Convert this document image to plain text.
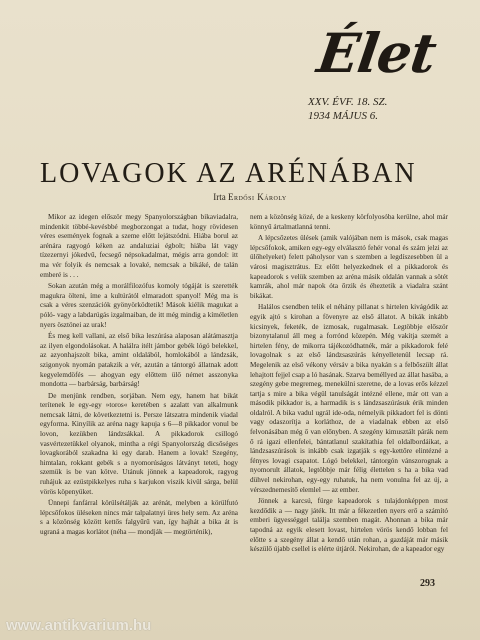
Élet
XXV. ÉVF. 18. SZ.
1934 MÁJUS 6.
LOVAGOK AZ ARÉNÁBAN
Irta Erdősi Károly

Mikor az idegen először megy Spanyolországban bikaviadalra, mindenkit többé-kevésbbé megborzongat a tudat, hogy rövidesen véres események fognak a szeme előtt lejátszódni. Hiába borul az arénára ragyogó kéken az andaluziai égbolt; hiába lát vagy tízezernyi jókedvű, fecsegő népsokadalmat, mégis arra gondol: itt ma vér folyik és nemcsak a lovaké, nemcsak a bikáké, de talán emberé is . . .

Sokan azután még a morálfilozófus komoly tógáját is szerették magukra ölteni, íme a kultúrától elmaradott spanyol! Még ma is csak a véres szenzációk gyönyörködtetik! Mások kiélik magukat a póló- vagy a labdarúgás izgalmaiban, de itt még mindig a kíméletlen nyers ösztönei az urak!

És meg kell vallani, az első bika leszúrása alaposan alátámasztja az ilyen elgondolásokat. A halálra itélt jámbor gebék lógó belekkel, az azyonhajszolt bika, amint oldalából, homlokából a lándzsák, szigonyok nyomán patakzik a vér, azután a tántorgó állatnak adott kegyelemdöfés — ahogyan egy előttem ülő német asszonyka mondotta — barbárság, barbárság!

De menjünk rendben, sorjában. Nem egy, hanem hat bikát terítenek le egy-egy »toros« keretében s azalatt van alkalmunk nemcsak látni, de következtetni is. Persze látszatra mindenik viadal egyforma. Kinyílik az aréna nagy kapuja s 6—8 pikkador vonul be lovon, kezükben lándzsákkal. A pikkadorok csillogó vasvértezetükkel olyanok, mintha a régi Spanyolország dicsőséges lovagkorából szakadna ki egy darab. Hanem a lovak! Szegény, himtalan, rokkant gebék s a nyomorúságos látványt teteti, hogy szemük is be van kötve. Utánuk jönnek a kapeadorok, ragyog ruhájuk az ezüstpikkelyes ruha s karjukon viszik kivül sárga, belül vörös köpenyüket.

Ünnepi fanfárral körülsétálják az arénát, melyben a körülfutó lépcsőfokos üléseken nincs már talpalatnyi üres hely sem. Az aréna s a közönség között kettős falgyűrű van, így hajhát a bika át is ugraná a magas korlátot (néha — mondják — megtörténik),

nem a közönség közé, de a keskeny körfolyosóba kerülne, ahol már könnyű ártalmatlanná tenni.

A lépcsőzetes ülések (amik valójában nem is mások, csak magas lépcsőfokok, amiken egy-egy elválasztó fehér vonal és szám jelzi az ülőhelyeket) felett páholysor van s szemben a legdíszesebben ül a városi magisztrátus. Ez előtt helyezkednek el a pikkadorok és kapeadorok s velük szemben az aréna másik oldalán vannak a sötét kamrák, ahol már napok óta őrzik és éheztetik a viadalra szánt bikákat.

Halálos csendben telik el néhány pillanat s hirtelen kivágódik az egyik ajtó s kirohan a fövenyre az első állatot. A bikák inkább kicsinyek, feketék, de izmosak, rugalmasak. Legtöbbje először bizonytalanul áll meg a forrónd közepén. Még vakítja szemét a hirtelen fény, de mikorra tájékozódhatnék, már a pikkadorok felé lovagolnak s az első lándzsaszúrás kényelletenül lecsap rá. Megelenik az első vékony vérsáv a bika nyakán s a felbőszült állat lehajtott fejjel csap a ló hasának. Szarva beméllyed az állat hasába, a szegény gebe megremeg, menekülni szeretne, de a lovas erős kézzel tartja s mire a bika végül tanulságát intézné ellene, már ott van a második pikkador is, a harmadik is s lándzsaszúrásuk érik minden oldalról. A bika vadul ugrál ide-oda, némelyik pikkadort fel is dönti vagy odaszorítja a korláthoz, de a viadalnak ebben az első felvonásában még ő van előnyben. A szegény kimusztált párák nem ő rá igazi ellenfelei, bántatlanul szakítathia fel oldalbordáikat, a lándzsaszúrások is inkább csak izgatják s egy-kettőre elintézné a fényes lovagi csapatot. Lógó belekkel, tántorgón vánszorognak a nyomorult állatok, legtöbbje már félig élettelen s ha a bika vad dühvel nekirohan, egy-egy ruhatuk, ha nem vonulna fel az új, a vérszednemesítő elemlel — az ember.

Jönnek a karcsú, fürge kapeadorok s tulajdonképpen most kezdődik a — nagy játék. Itt már a fékezetlen nyers erő a számító emberi ügyességgel találja szemben magát. Ahonnan a bika már tapodná az egyik elesett lovast, hirtelen vörös kendő lobban fel előtte s a szegény állat a kendő után rohan, a gazdáját már másik készülő újabb csellel is elérte útjáról. Nekirohan, de a kapeador egy

293
www.antikvarium.hu
